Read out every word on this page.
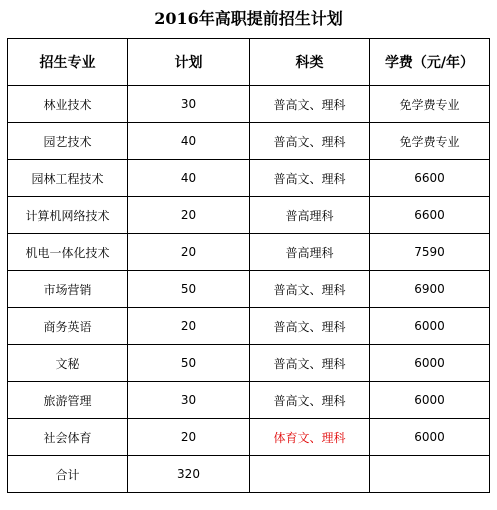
2016年高职提前招生计划
招生专业	计划	科类	学费（元/年）
林业技术	30	普高文、理科	免学费专业
园艺技术	40	普高文、理科	免学费专业
园林工程技术	40	普高文、理科	6600
计算机网络技术	20	普高理科	6600
机电一体化技术	20	普高理科	7590
市场营销	50	普高文、理科	6900
商务英语	20	普高文、理科	6000
文秘	50	普高文、理科	6000
旅游管理	30	普高文、理科	6000
社会体育	20	体育文、理科	6000
合计	320		
